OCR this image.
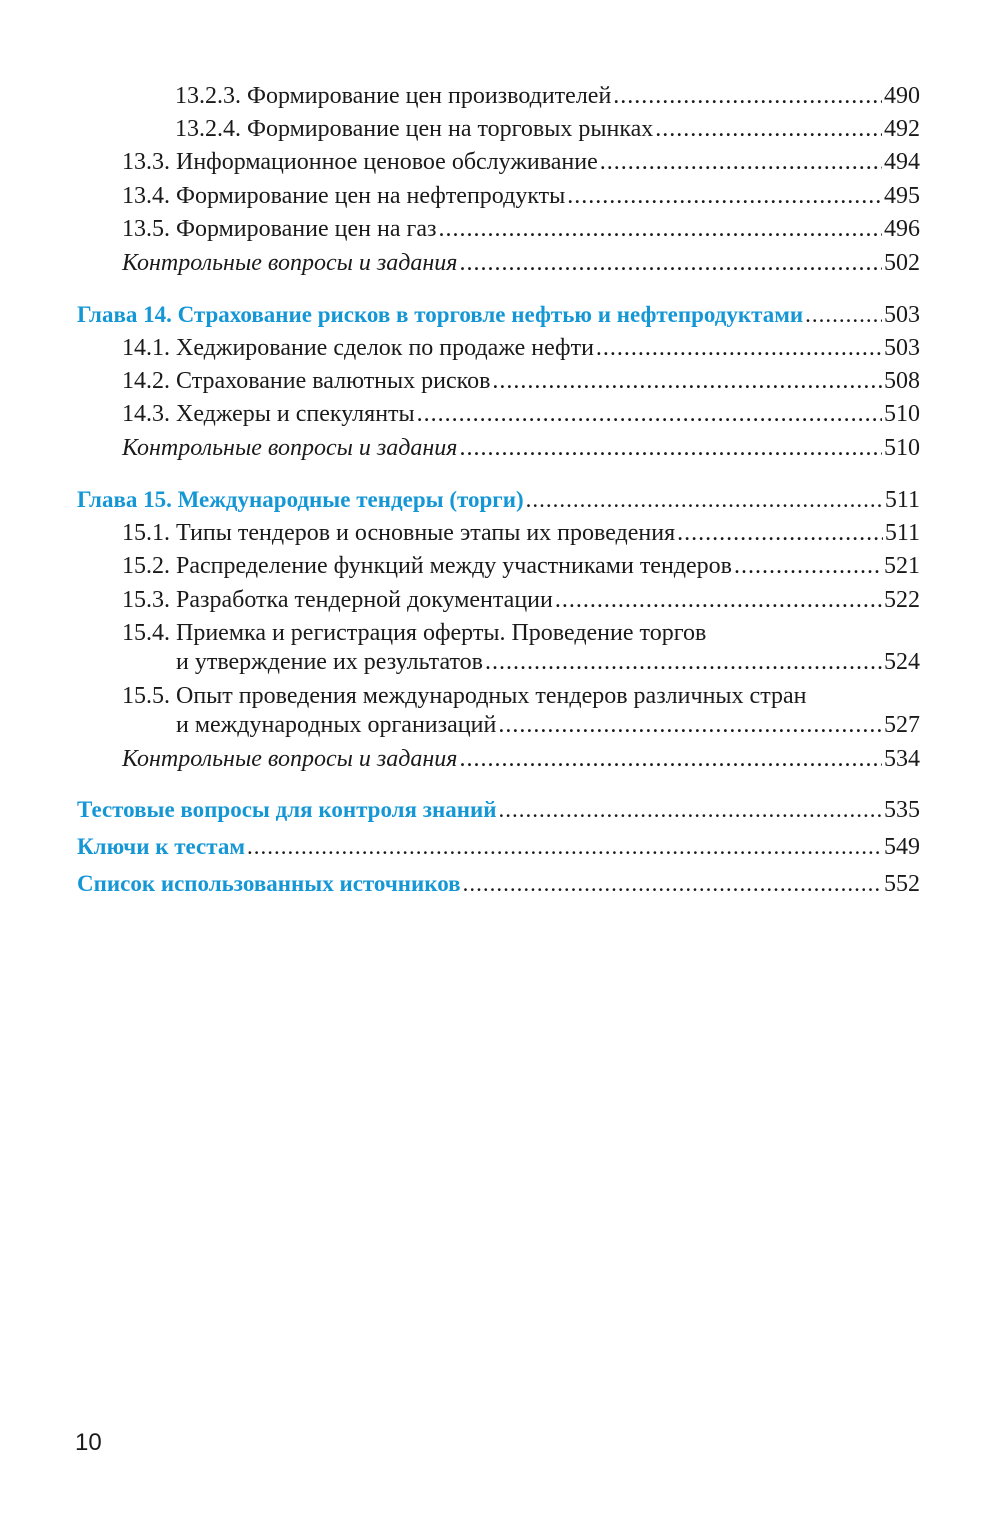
13.2.3. Формирование цен производителей .....	490
13.2.4. Формирование цен на торговых рынках .....	492
13.3. Информационное ценовое обслуживание .....	494
13.4. Формирование цен на нефтепродукты .....	495
13.5. Формирование цен на газ .....	496
Контрольные вопросы и задания .....	502
Глава 14. Страхование рисков в торговле нефтью и нефтепродуктами .....	503
14.1. Хеджирование сделок по продаже нефти .....	503
14.2. Страхование валютных рисков .....	508
14.3. Хеджеры и спекулянты .....	510
Контрольные вопросы и задания .....	510
Глава 15. Международные тендеры (торги) .....	511
15.1. Типы тендеров и основные этапы их проведения .....	511
15.2. Распределение функций между участниками тендеров .....	521
15.3. Разработка тендерной документации .....	522
15.4. Приемка и регистрация оферты. Проведение торгов
и утверждение их результатов .....	524
15.5. Опыт проведения международных тендеров различных стран
и международных организаций .....	527
Контрольные вопросы и задания .....	534
Тестовые вопросы для контроля знаний .....	535
Ключи к тестам .....	549
Список использованных источников .....	552
10
